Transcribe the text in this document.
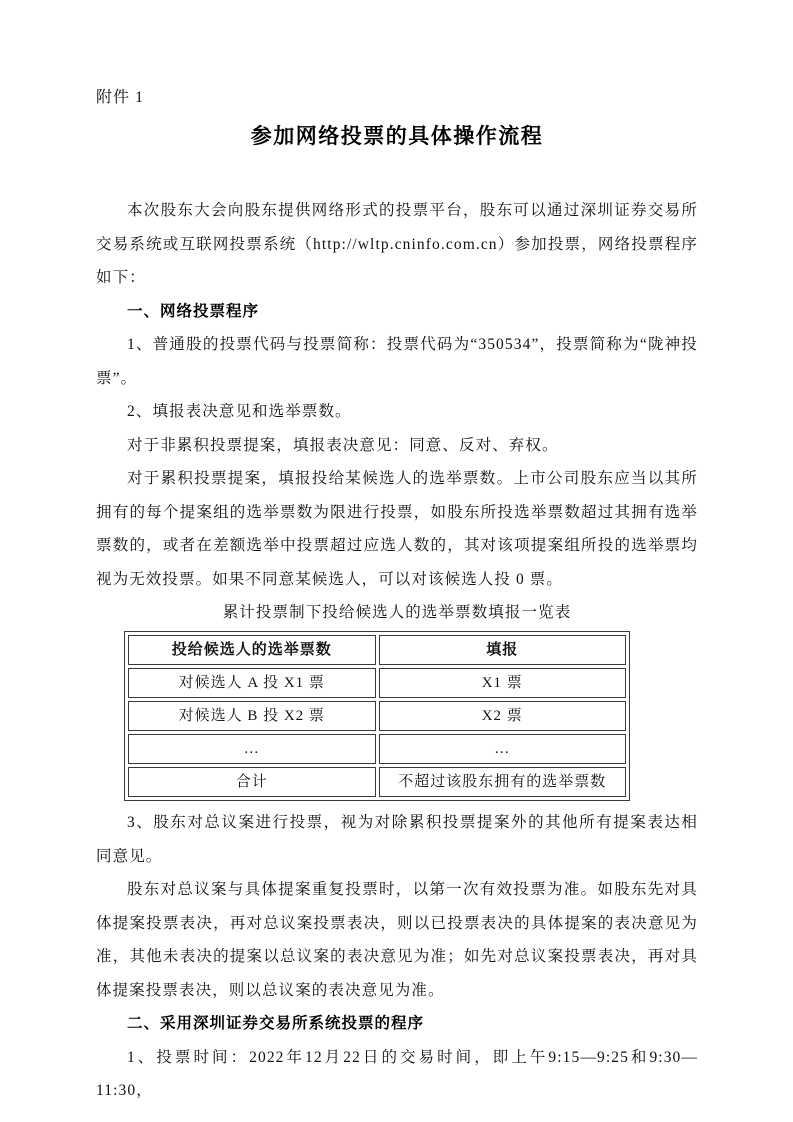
附件 1
参加网络投票的具体操作流程

本次股东大会向股东提供网络形式的投票平台，股东可以通过深圳证券交易所交易系统或互联网投票系统（http://wltp.cninfo.com.cn）参加投票，网络投票程序如下：

一、网络投票程序

1、普通股的投票代码与投票简称：投票代码为“350534”，投票简称为“陇神投票”。

2、填报表决意见和选举票数。

对于非累积投票提案，填报表决意见：同意、反对、弃权。

对于累积投票提案，填报投给某候选人的选举票数。上市公司股东应当以其所拥有的每个提案组的选举票数为限进行投票，如股东所投选举票数超过其拥有选举票数的，或者在差额选举中投票超过应选人数的，其对该项提案组所投的选举票均视为无效投票。如果不同意某候选人，可以对该候选人投 0 票。

累计投票制下投给候选人的选举票数填报一览表

投给候选人的选举票数	填报
对候选人 A 投 X1 票	X1 票
对候选人 B 投 X2 票	X2 票
…	…
合计	不超过该股东拥有的选举票数

3、股东对总议案进行投票，视为对除累积投票提案外的其他所有提案表达相同意见。

股东对总议案与具体提案重复投票时，以第一次有效投票为准。如股东先对具体提案投票表决，再对总议案投票表决，则以已投票表决的具体提案的表决意见为准，其他未表决的提案以总议案的表决意见为准；如先对总议案投票表决，再对具体提案投票表决，则以总议案的表决意见为准。

二、采用深圳证券交易所系统投票的程序

1、投票时间：2022年12月22日的交易时间，即上午9:15—9:25和9:30—11:30，
